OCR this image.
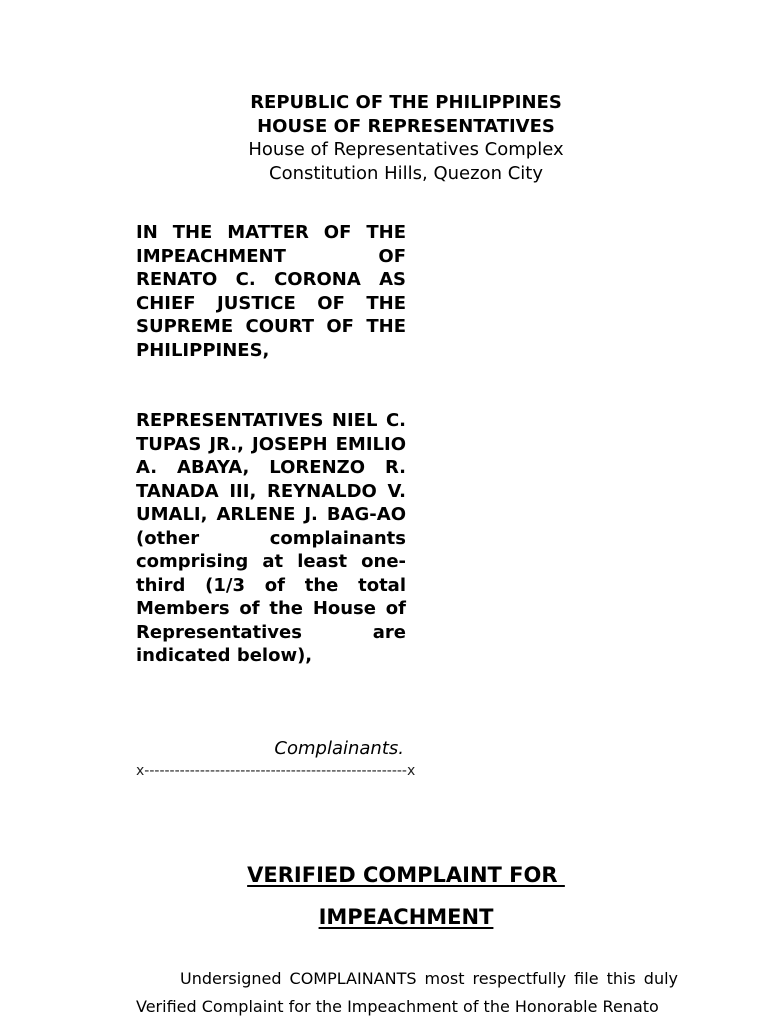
REPUBLIC OF THE PHILIPPINES
HOUSE OF REPRESENTATIVES
House of Representatives Complex
Constitution Hills, Quezon City
IN THE MATTER OF THE IMPEACHMENT OF RENATO C. CORONA AS CHIEF JUSTICE OF THE SUPREME COURT OF THE PHILIPPINES,
REPRESENTATIVES NIEL C. TUPAS JR., JOSEPH EMILIO A. ABAYA, LORENZO R. TANADA III, REYNALDO V. UMALI, ARLENE J. BAG-AO (other complainants comprising at least one-third (1/3 of the total Members of the House of Representatives are indicated below),
Complainants.
x----------------------------------------------------x
VERIFIED COMPLAINT FOR
IMPEACHMENT
Undersigned COMPLAINANTS most respectfully file this duly Verified Complaint for the Impeachment of the Honorable Renato
